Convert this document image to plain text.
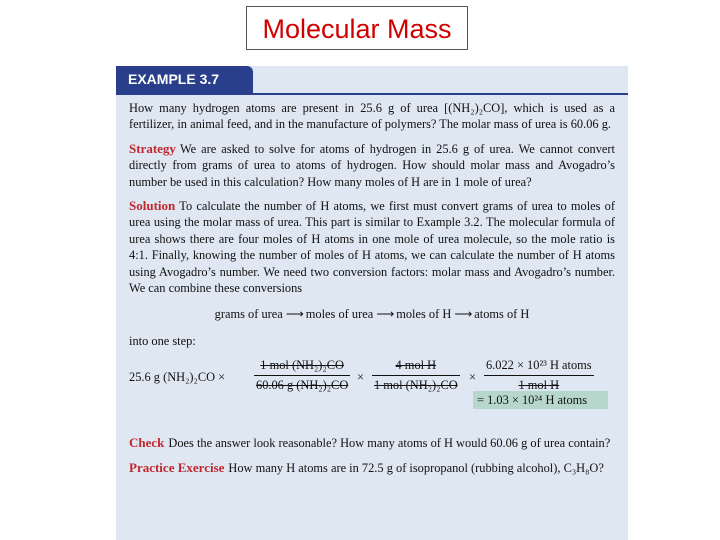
Molecular Mass
EXAMPLE 3.7

How many hydrogen atoms are present in 25.6 g of urea [(NH₂)₂CO], which is used as a fertilizer, in animal feed, and in the manufacture of polymers? The molar mass of urea is 60.06 g.

Strategy We are asked to solve for atoms of hydrogen in 25.6 g of urea. We cannot convert directly from grams of urea to atoms of hydrogen. How should molar mass and Avogadro’s number be used in this calculation? How many moles of H are in 1 mole of urea?

Solution To calculate the number of H atoms, we first must convert grams of urea to moles of urea using the molar mass of urea. This part is similar to Example 3.2. The molecular formula of urea shows there are four moles of H atoms in one mole of urea molecule, so the mole ratio is 4:1. Finally, knowing the number of moles of H atoms, we can calculate the number of H atoms using Avogadro’s number. We need two conversion factors: molar mass and Avogadro’s number. We can combine these conversions

grams of urea ⟶ moles of urea ⟶ moles of H ⟶ atoms of H

into one step:

25.6 g (NH₂)₂CO ×
1 mol (NH₂)₂CO
60.06 g (NH₂)₂CO
×
4 mol H
1 mol (NH₂)₂CO
×
6.022 × 10²³ H atoms
1 mol H
= 1.03 × 10²⁴ H atoms

Check Does the answer look reasonable? How many atoms of H would 60.06 g of urea contain?

Practice Exercise How many H atoms are in 72.5 g of isopropanol (rubbing alcohol), C₃H₈O?
